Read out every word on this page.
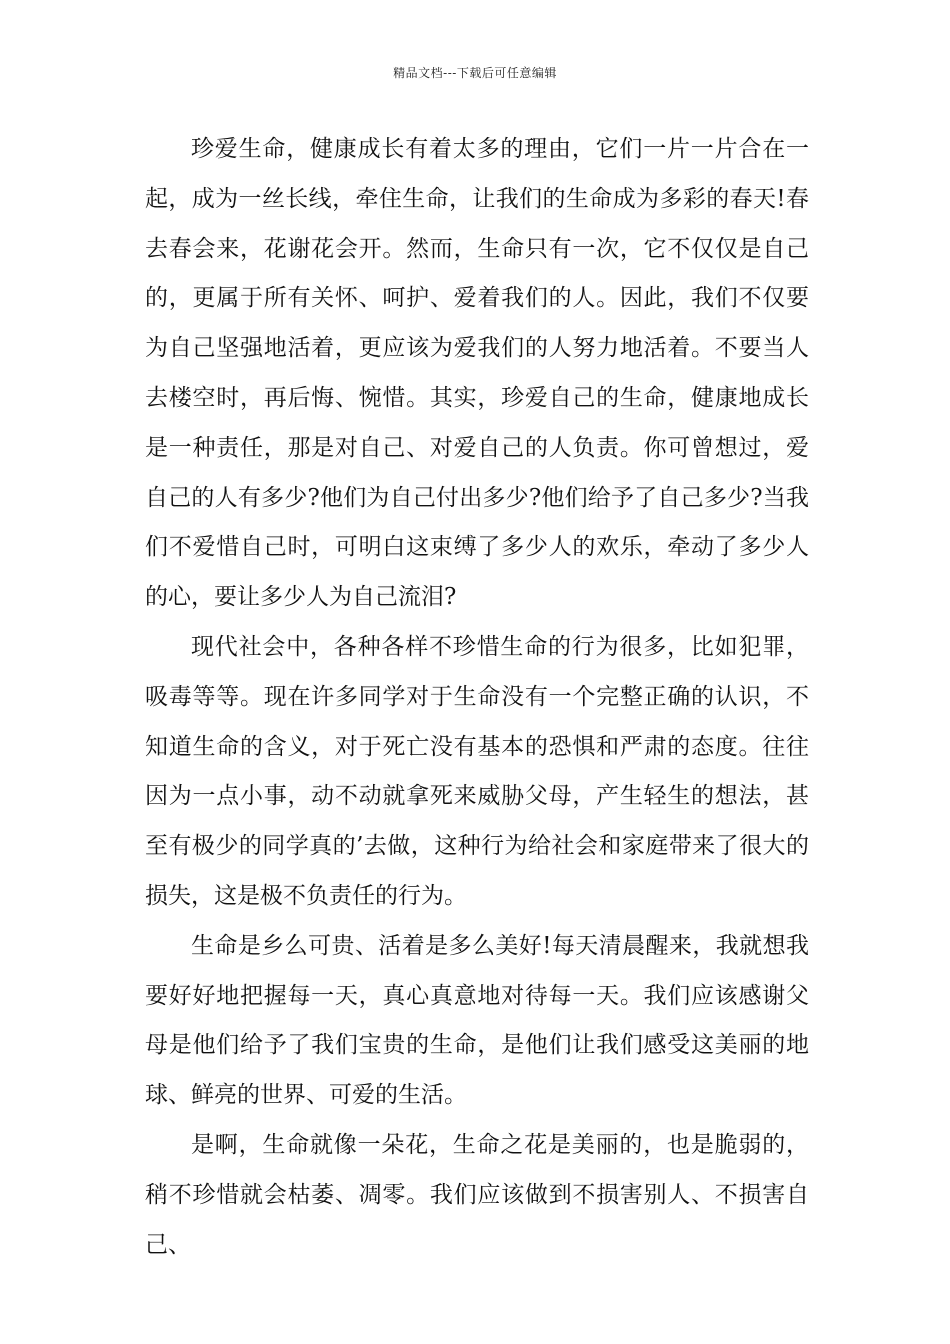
精品文档---下载后可任意编辑

珍爱生命，健康成长有着太多的理由，它们一片一片合在一起，成为一丝长线，牵住生命，让我们的生命成为多彩的春天!春去春会来，花谢花会开。然而，生命只有一次，它不仅仅是自己的，更属于所有关怀、呵护、爱着我们的人。因此，我们不仅要为自己坚强地活着，更应该为爱我们的人努力地活着。不要当人去楼空时，再后悔、惋惜。其实，珍爱自己的生命，健康地成长是一种责任，那是对自己、对爱自己的人负责。你可曾想过，爱自己的人有多少?他们为自己付出多少?他们给予了自己多少?当我们不爱惜自己时，可明白这束缚了多少人的欢乐，牵动了多少人的心，要让多少人为自己流泪?

现代社会中，各种各样不珍惜生命的行为很多，比如犯罪，吸毒等等。现在许多同学对于生命没有一个完整正确的认识，不知道生命的含义，对于死亡没有基本的恐惧和严肃的态度。往往因为一点小事，动不动就拿死来威胁父母，产生轻生的想法，甚至有极少的同学真的’去做，这种行为给社会和家庭带来了很大的损失，这是极不负责任的行为。

生命是乡么可贵、活着是多么美好!每天清晨醒来，我就想我要好好地把握每一天，真心真意地对待每一天。我们应该感谢父母是他们给予了我们宝贵的生命，是他们让我们感受这美丽的地球、鲜亮的世界、可爱的生活。

是啊，生命就像一朵花，生命之花是美丽的，也是脆弱的，稍不珍惜就会枯萎、凋零。我们应该做到不损害别人、不损害自己、
